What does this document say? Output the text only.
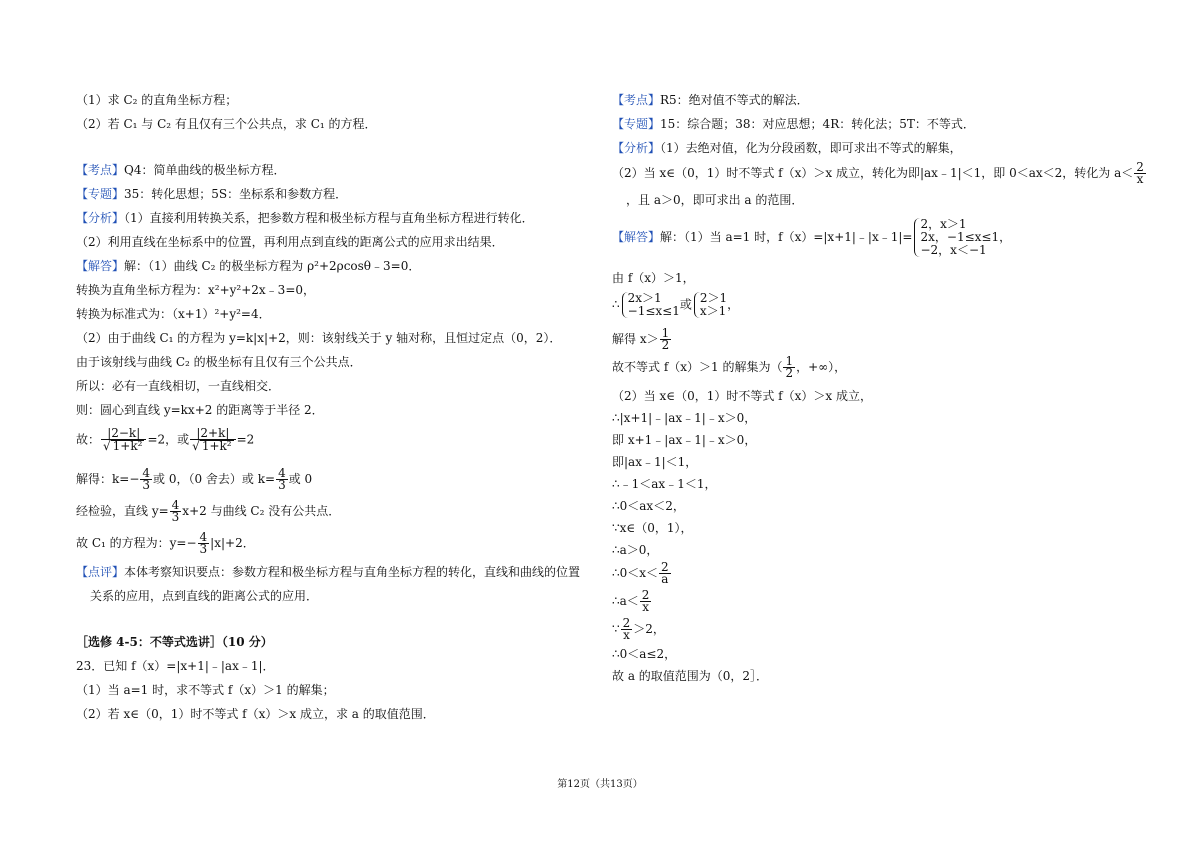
（1）求 C₂ 的直角坐标方程；
（2）若 C₁ 与 C₂ 有且仅有三个公共点，求 C₁ 的方程．
【考点】Q4：简单曲线的极坐标方程．
【专题】35：转化思想；5S：坐标系和参数方程．
【分析】（1）直接利用转换关系，把参数方程和极坐标方程与直角坐标方程进行转化．
（2）利用直线在坐标系中的位置，再利用点到直线的距离公式的应用求出结果．
【解答】解：（1）曲线 C₂ 的极坐标方程为 ρ²+2ρcosθ﹣3=0．
转换为直角坐标方程为：x²+y²+2x﹣3=0，
转换为标准式为：（x+1）²+y²=4．
（2）由于曲线 C₁ 的方程为 y=k|x|+2，则：该射线关于 y 轴对称，且恒过定点（0，2）．
由于该射线与曲线 C₂ 的极坐标有且仅有三个公共点．
所以：必有一直线相切，一直线相交．
则：圆心到直线 y=kx+2 的距离等于半径 2．
故： $\frac{|2-k|}{\text{√ 1+k²}} =2$，或 $\frac{|2+k|}{\text{√ 1+k²}} =2$
解得：$k=- \frac{4}{3}$ 或 0，（0 舍去）或 $k= \frac{4}{3}$ 或 0
经检验，直线 $y= \frac{4}{3} x+2$ 与曲线 C₂ 没有公共点．
故 C₁ 的方程为：$y=- \frac{4}{3} |x|+2$．
【点评】本体考察知识要点：参数方程和极坐标方程与直角坐标方程的转化，直线和曲线的位置
关系的应用，点到直线的距离公式的应用．
［选修 4-5：不等式选讲］（10 分）
23．已知 f（x）=|x+1|﹣|ax﹣1|．
（1）当 a=1 时，求不等式 f（x）＞1 的解集；
（2）若 x∈（0，1）时不等式 f（x）＞x 成立，求 a 的取值范围．
【考点】R5：绝对值不等式的解法．
【专题】15：综合题；38：对应思想；4R：转化法；5T：不等式．
【分析】（1）去绝对值，化为分段函数，即可求出不等式的解集，
（2）当 x∈（0，1）时不等式 f（x）＞x 成立，转化为即|ax﹣1|＜1，即 0＜ax＜2，转化为 $a< \frac{2}{x}$
，且 a＞0，即可求出 a 的范围．
【解答】解：（1）当 a=1 时，f（x）=|x+1|﹣|x﹣1|=
2，x＞1
2x，−1≤x≤1，
−2，x＜−1
由 f（x）＞1，
∴ 2x＞1
−1≤x≤1 或 2＞1
x＞1 ，
解得 $x> \frac{1}{2}$
故不等式 f（x）＞1 的解集为（ $\frac{1}{2}$ ，+∞），
（2）当 x∈（0，1）时不等式 f（x）＞x 成立，
∴|x+1|﹣|ax﹣1|﹣x＞0，
即 x+1﹣|ax﹣1|﹣x＞0，
即|ax﹣1|＜1，
∴﹣1＜ax﹣1＜1，
∴0＜ax＜2，
∵x∈（0，1），
∴a＞0，
∴0＜x＜ $\frac{2}{a}$
∴a＜ $\frac{2}{x}$
∵ $\frac{2}{x} >2$，
∴0＜a≤2，
故 a 的取值范围为（0，2］．
第12页（共13页）
